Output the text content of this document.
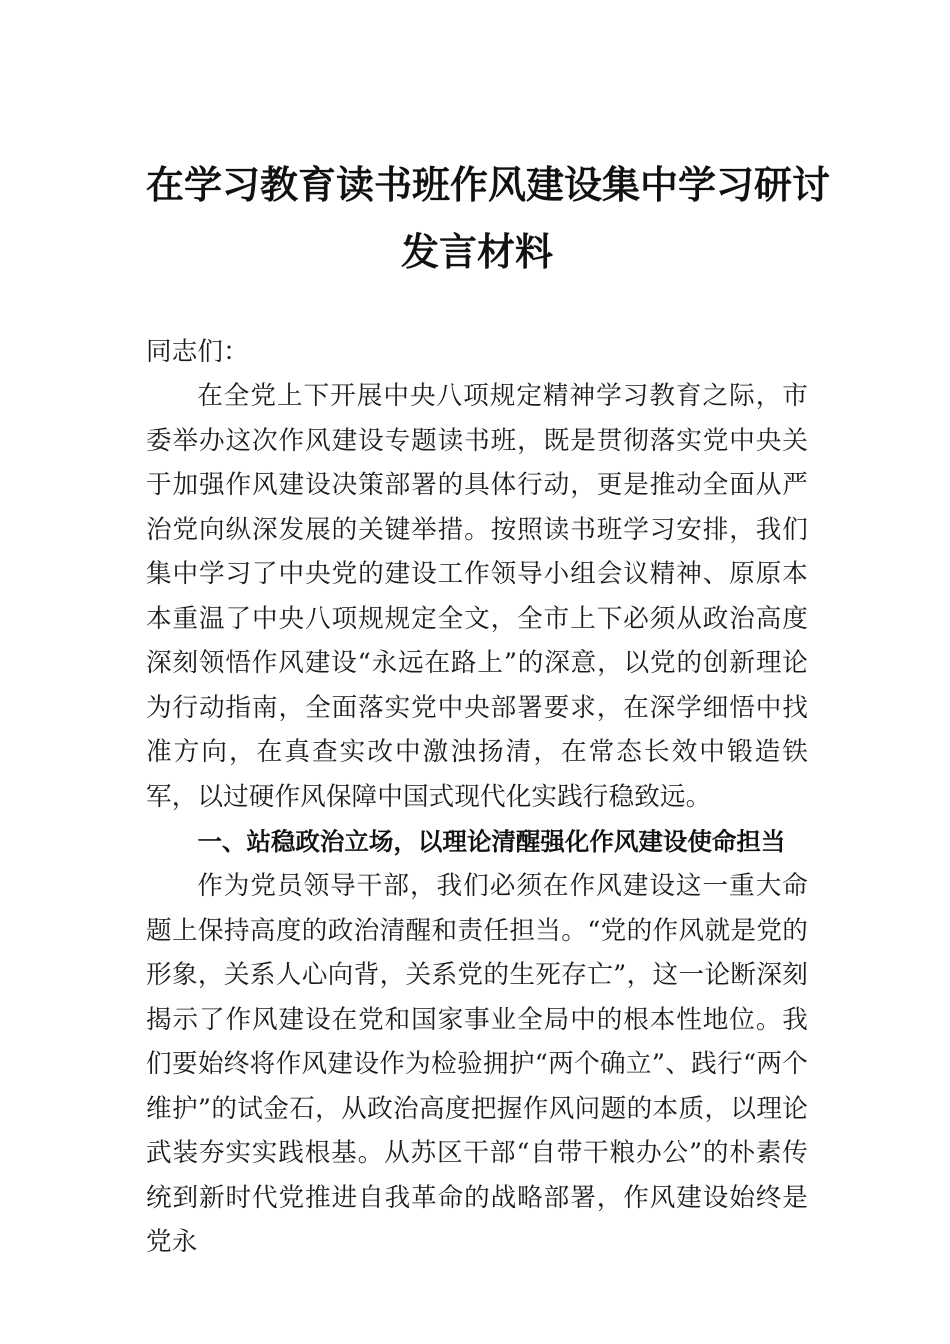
在学习教育读书班作风建设集中学习研讨
发言材料
同志们：
在全党上下开展中央八项规定精神学习教育之际，市委举办这次作风建设专题读书班，既是贯彻落实党中央关于加强作风建设决策部署的具体行动，更是推动全面从严治党向纵深发展的关键举措。按照读书班学习安排，我们集中学习了中央党的建设工作领导小组会议精神、原原本本重温了中央八项规规定全文，全市上下必须从政治高度深刻领悟作风建设“永远在路上”的深意，以党的创新理论为行动指南，全面落实党中央部署要求，在深学细悟中找准方向，在真查实改中激浊扬清，在常态长效中锻造铁军，以过硬作风保障中国式现代化实践行稳致远。
一、站稳政治立场，以理论清醒强化作风建设使命担当
作为党员领导干部，我们必须在作风建设这一重大命题上保持高度的政治清醒和责任担当。“党的作风就是党的形象，关系人心向背，关系党的生死存亡”，这一论断深刻揭示了作风建设在党和国家事业全局中的根本性地位。我们要始终将作风建设作为检验拥护“两个确立”、践行“两个维护”的试金石，从政治高度把握作风问题的本质，以理论武装夯实实践根基。从苏区干部“自带干粮办公”的朴素传统到新时代党推进自我革命的战略部署，作风建设始终是党永
